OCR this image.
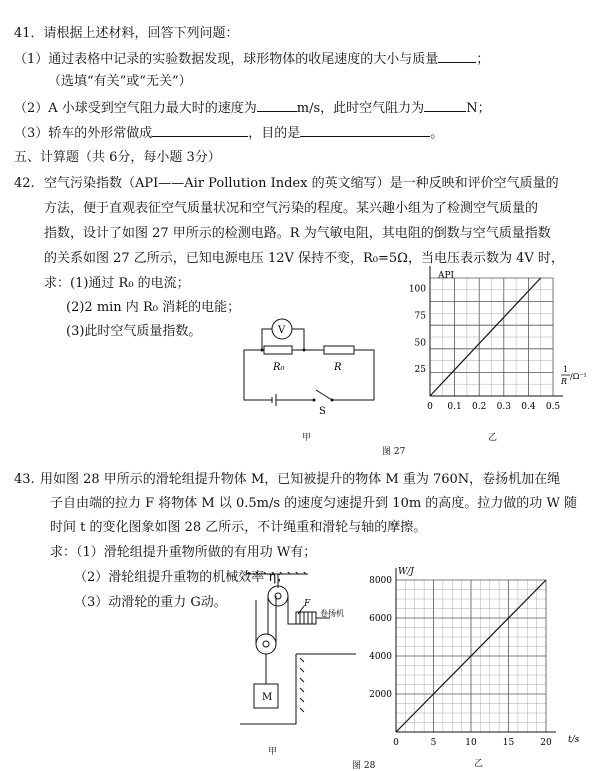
41．请根据上述材料，回答下列问题：
（1）通过表格中记录的实验数据发现，球形物体的收尾速度的大小与质量	；
（选填“有关”或“无关”）
（2）A 小球受到空气阻力最大时的速度为	m/s，此时空气阻力为	N；
（3）轿车的外形常做成	，目的是	。
五、计算题（共 6分，每小题 3分）
42. 空气污染指数（API——Air Pollution Index 的英文缩写）是一种反映和评价空气质量的
方法，便于直观表征空气质量状况和空气污染的程度。某兴趣小组为了检测空气质量的
指数，设计了如图 27 甲所示的检测电路。R 为气敏电阻，其电阻的倒数与空气质量指数
的关系如图 27 乙所示，已知电源电压 12V 保持不变，R₀=5Ω，当电压表示数为 4V 时，
求：(1)通过 R₀ 的电流；
(2)2 min 内 R₀ 消耗的电能；
(3)此时空气质量指数。	V
R₀	R
S
甲
100
75
50
25
0 0.1 0.2 0.3 0.4 0.5
API
1
R
/Ω⁻¹
乙
图 27
43. 用如图 28 甲所示的滑轮组提升物体 M，已知被提升的物体 M 重为 760N，卷扬机加在绳
子自由端的拉力 F 将物体 M 以 0.5m/s 的速度匀速提升到 10m 的高度。拉力做的功 W 随
时间 t 的变化图象如图 28 乙所示，不计绳重和滑轮与轴的摩擦。
求：（1）滑轮组提升重物所做的有用功 W有；
（2）滑轮组提升重物的机械效率 η；
（3）动滑轮的重力 G动。
M
F
卷扬机
甲
8000
6000
4000
2000
0	5	10	15	20
W/J
t/s
乙
图 28
